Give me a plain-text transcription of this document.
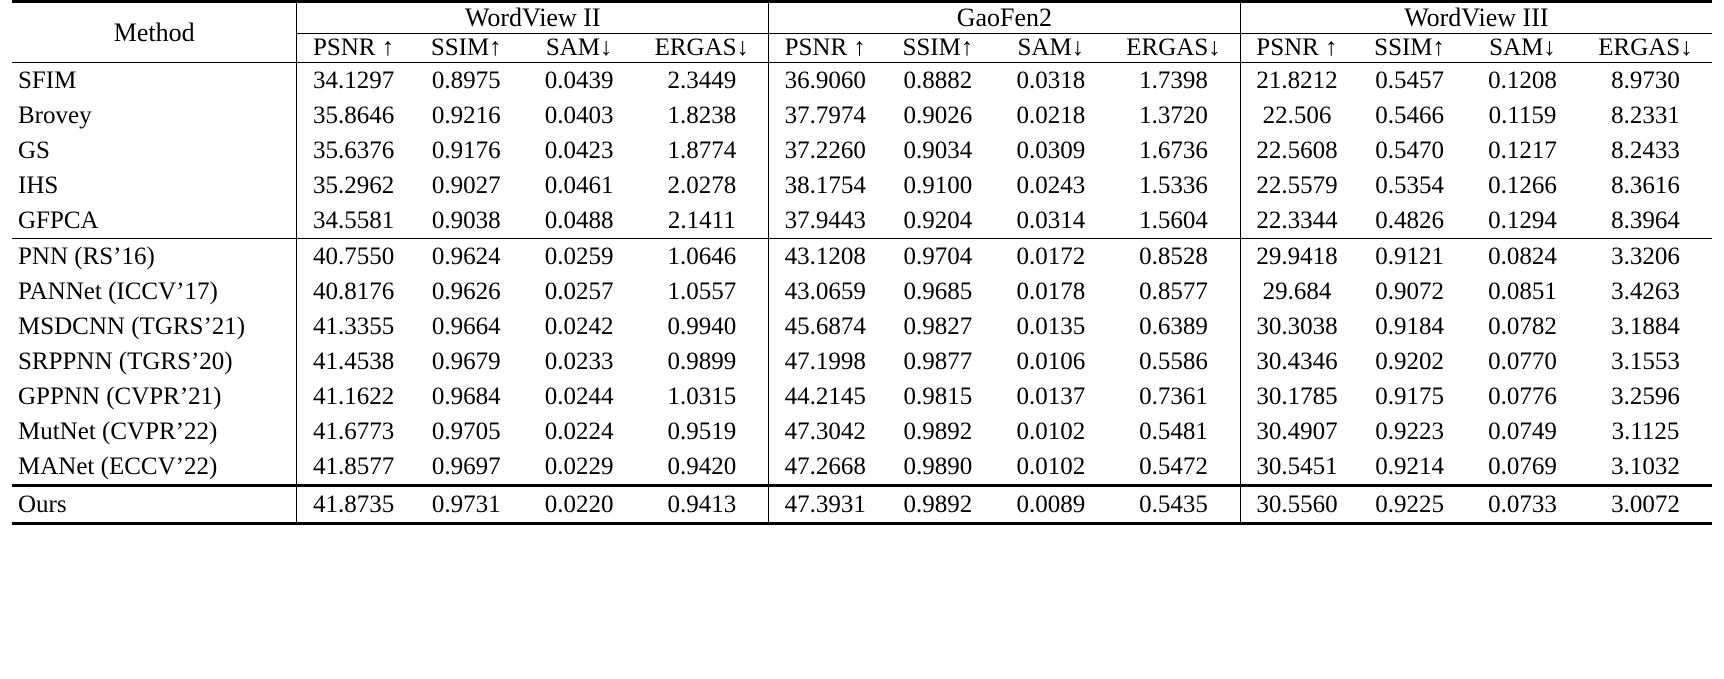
Method	WordView II				GaoFen2				WordView III			
	PSNR ↑	SSIM↑	SAM↓	ERGAS↓	PSNR ↑	SSIM↑	SAM↓	ERGAS↓	PSNR ↑	SSIM↑	SAM↓	ERGAS↓
SFIM	34.1297	0.8975	0.0439	2.3449	36.9060	0.8882	0.0318	1.7398	21.8212	0.5457	0.1208	8.9730
Brovey	35.8646	0.9216	0.0403	1.8238	37.7974	0.9026	0.0218	1.3720	22.506	0.5466	0.1159	8.2331
GS	35.6376	0.9176	0.0423	1.8774	37.2260	0.9034	0.0309	1.6736	22.5608	0.5470	0.1217	8.2433
IHS	35.2962	0.9027	0.0461	2.0278	38.1754	0.9100	0.0243	1.5336	22.5579	0.5354	0.1266	8.3616
GFPCA	34.5581	0.9038	0.0488	2.1411	37.9443	0.9204	0.0314	1.5604	22.3344	0.4826	0.1294	8.3964
PNN (RS’16)	40.7550	0.9624	0.0259	1.0646	43.1208	0.9704	0.0172	0.8528	29.9418	0.9121	0.0824	3.3206
PANNet (ICCV’17)	40.8176	0.9626	0.0257	1.0557	43.0659	0.9685	0.0178	0.8577	29.684	0.9072	0.0851	3.4263
MSDCNN (TGRS’21)	41.3355	0.9664	0.0242	0.9940	45.6874	0.9827	0.0135	0.6389	30.3038	0.9184	0.0782	3.1884
SRPPNN (TGRS’20)	41.4538	0.9679	0.0233	0.9899	47.1998	0.9877	0.0106	0.5586	30.4346	0.9202	0.0770	3.1553
GPPNN (CVPR’21)	41.1622	0.9684	0.0244	1.0315	44.2145	0.9815	0.0137	0.7361	30.1785	0.9175	0.0776	3.2596
MutNet (CVPR’22)	41.6773	0.9705	0.0224	0.9519	47.3042	0.9892	0.0102	0.5481	30.4907	0.9223	0.0749	3.1125
MANet (ECCV’22)	41.8577	0.9697	0.0229	0.9420	47.2668	0.9890	0.0102	0.5472	30.5451	0.9214	0.0769	3.1032
Ours	41.8735	0.9731	0.0220	0.9413	47.3931	0.9892	0.0089	0.5435	30.5560	0.9225	0.0733	3.0072
